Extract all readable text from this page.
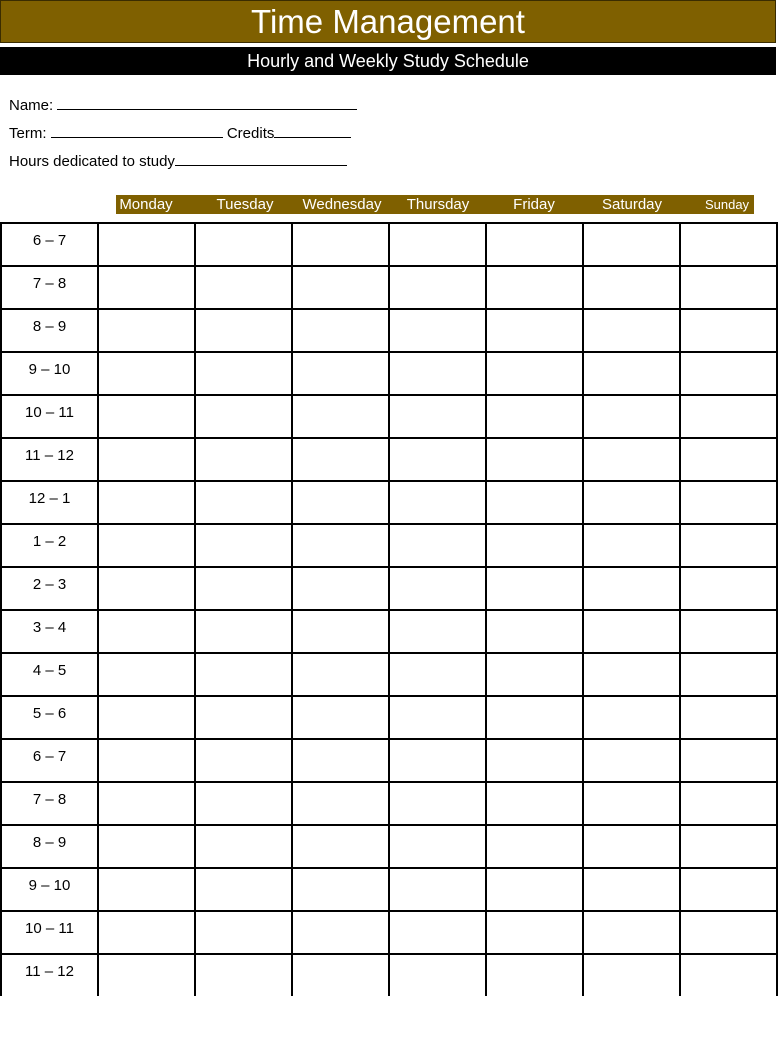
Time Management
Hourly and Weekly Study Schedule
Name:
Term:	Credits
Hours dedicated to study
Monday	Tuesday	Wednesday	Thursday	Friday	Saturday	Sunday
6 – 7							
7 – 8							
8 – 9							
9 – 10							
10 – 11							
11 – 12							
12 – 1							
1 – 2							
2 – 3							
3 – 4							
4 – 5							
5 – 6							
6 – 7							
7 – 8							
8 – 9							
9 – 10							
10 – 11							
11 – 12							
